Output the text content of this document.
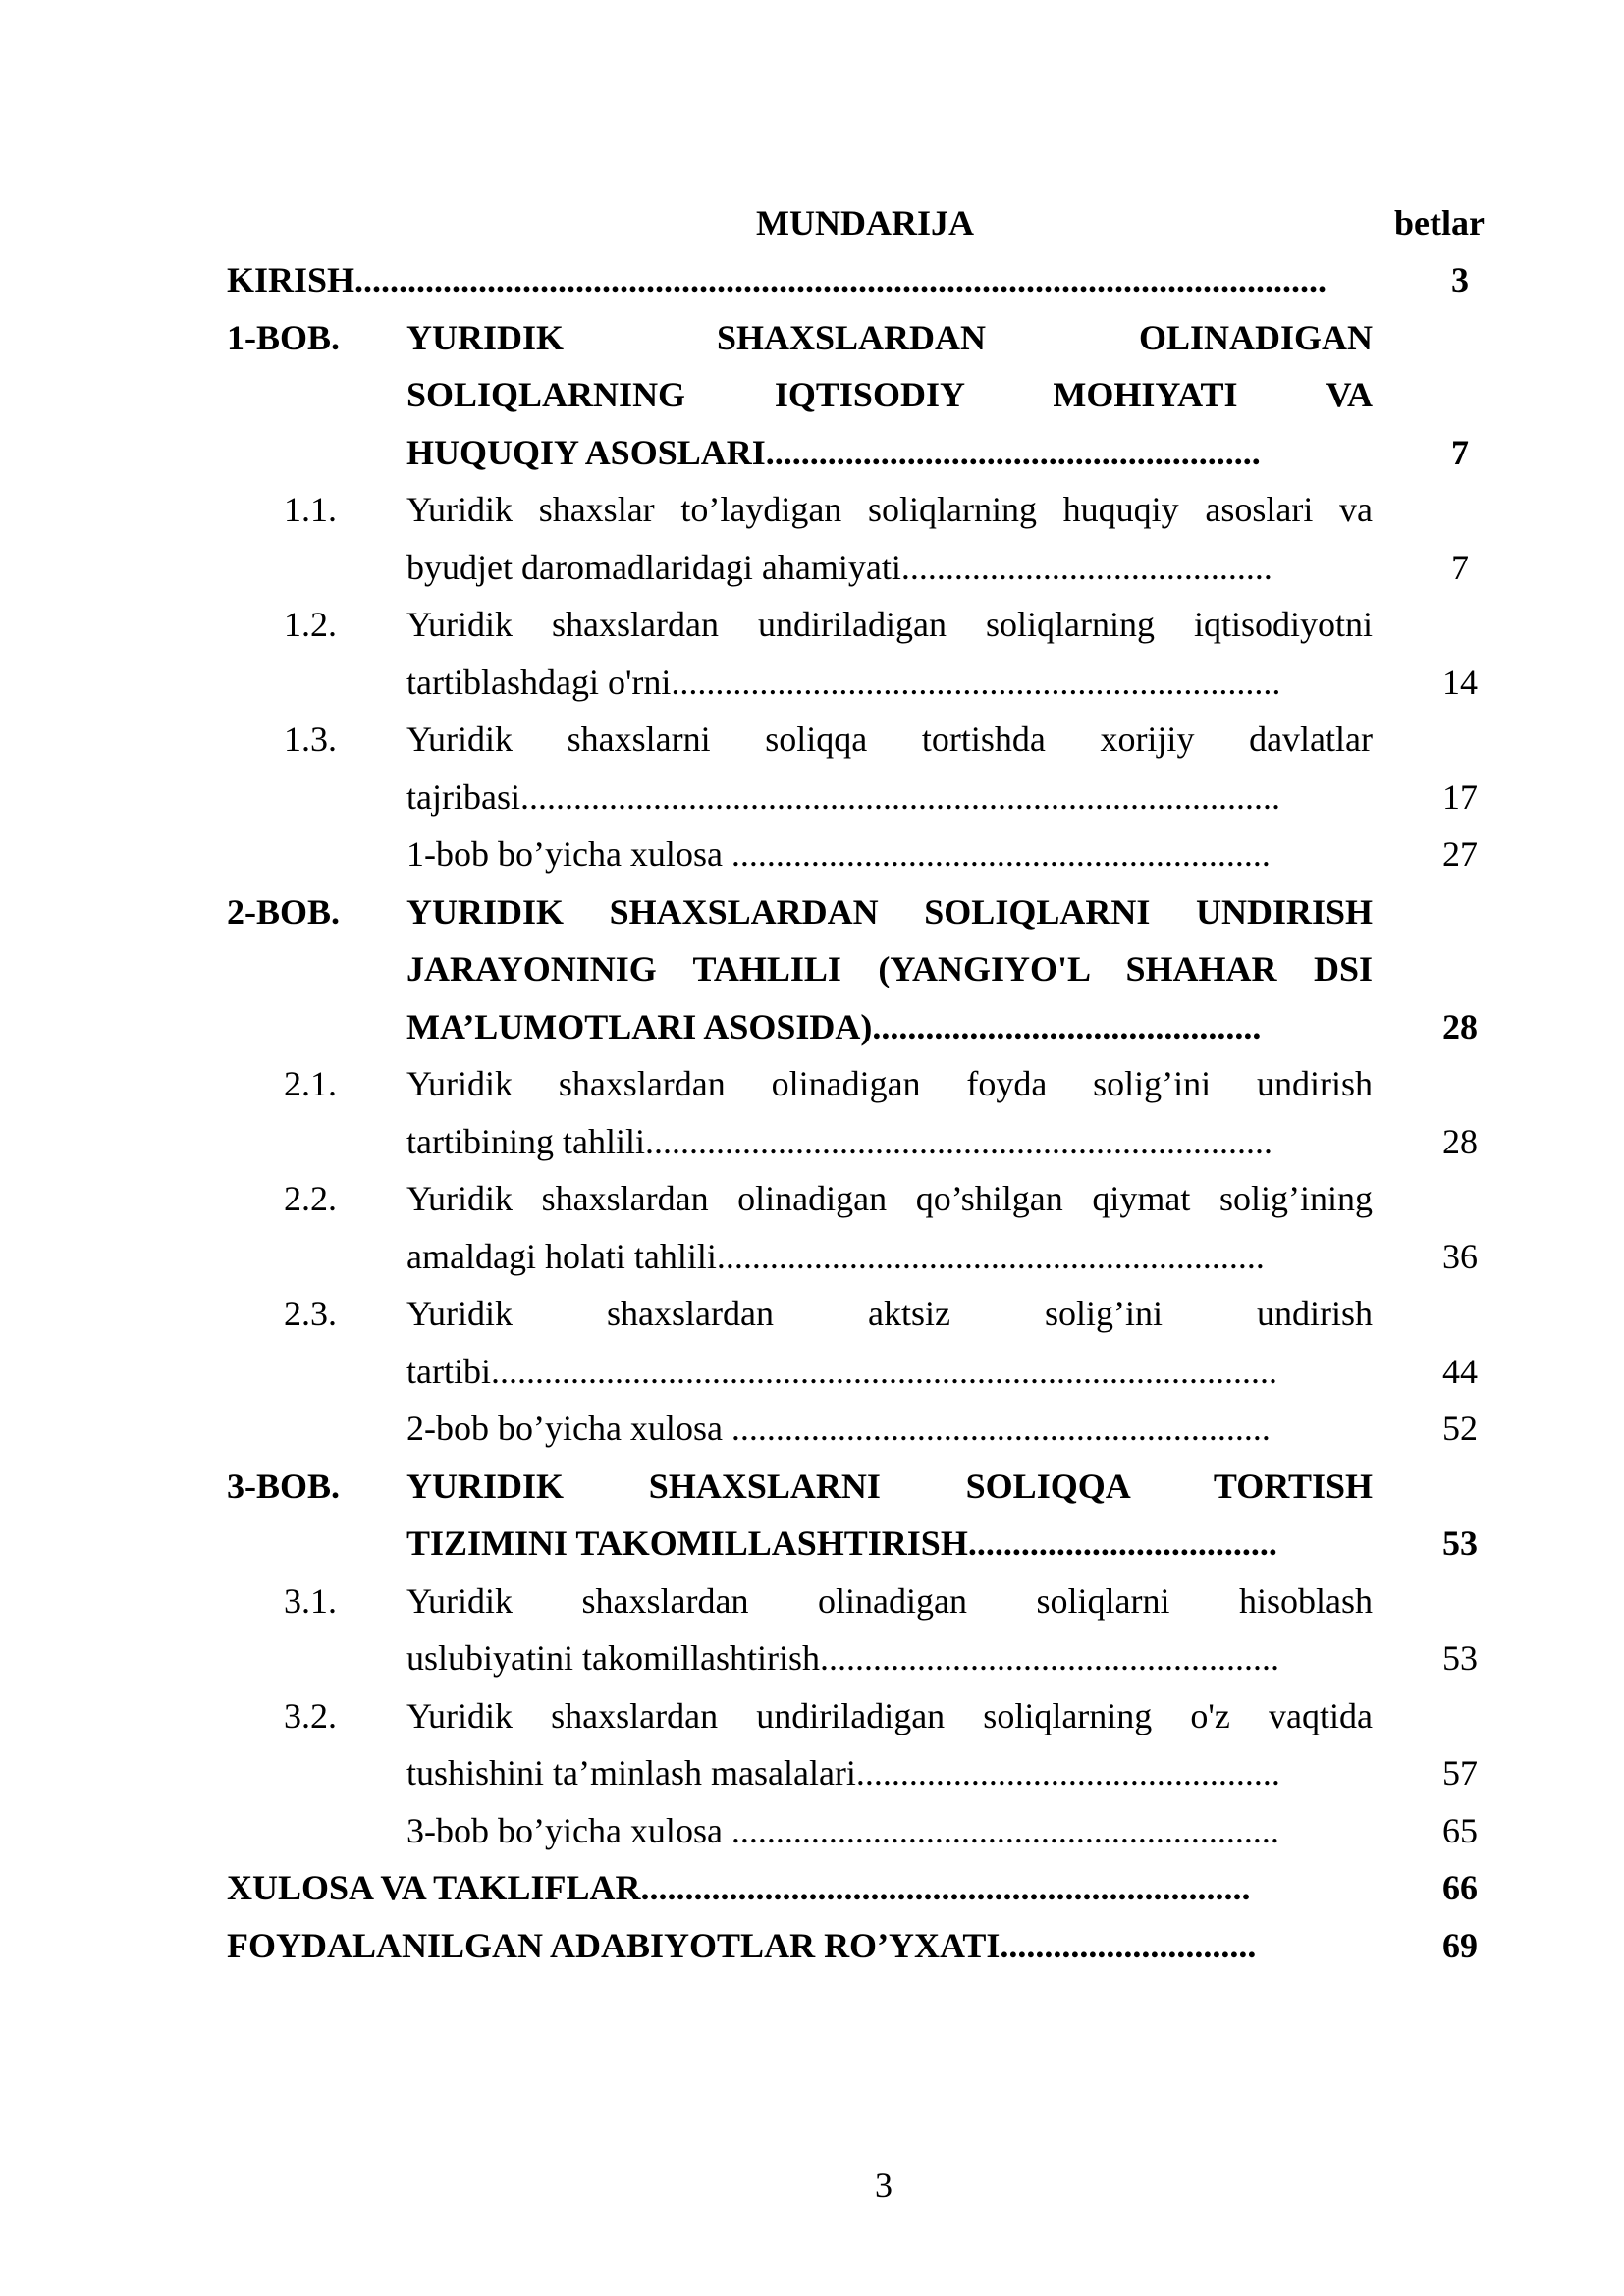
MUNDARIJA	betlar
KIRISH..............................................................................................................	3
1-BOB. YURIDIK SHAXSLARDAN OLINADIGAN
SOLIQLARNING IQTISODIY MOHIYATI VA
HUQUQIY ASOSLARI........................................................	7
1.1. Yuridik shaxslar to’laydigan soliqlarning huquqiy asoslari va
byudjet daromadlaridagi ahamiyati..........................................	7
1.2. Yuridik shaxslardan undiriladigan soliqlarning iqtisodiyotni
tartiblashdagi o'rni.....................................................................	14
1.3. Yuridik shaxslarni soliqqa tortishda xorijiy davlatlar
tajribasi......................................................................................	17
1-bob bo’yicha xulosa .............................................................	27
2-BOB. YURIDIK SHAXSLARDAN SOLIQLARNI UNDIRISH
JARAYONINIG TAHLILI (YANGIYO'L SHAHAR DSI
MA’LUMOTLARI ASOSIDA)............................................	28
2.1. Yuridik shaxslardan olinadigan foyda solig’ini undirish
tartibining tahlili.......................................................................	28
2.2. Yuridik shaxslardan olinadigan qo’shilgan qiymat solig’ining
amaldagi holati tahlili..............................................................	36
2.3. Yuridik shaxslardan aktsiz solig’ini undirish
tartibi.........................................................................................	44
2-bob bo’yicha xulosa .............................................................	52
3-BOB. YURIDIK SHAXSLARNI SOLIQQA TORTISH
TIZIMINI TAKOMILLASHTIRISH...................................	53
3.1. Yuridik shaxslardan olinadigan soliqlarni hisoblash
uslubiyatini takomillashtirish....................................................	53
3.2. Yuridik shaxslardan undiriladigan soliqlarning o'z vaqtida
tushishini ta’minlash masalalari................................................	57
3-bob bo’yicha xulosa ..............................................................	65
XULOSA VA TAKLIFLAR.....................................................................	66
FOYDALANILGAN ADABIYOTLAR RO’YXATI.............................	69
3
